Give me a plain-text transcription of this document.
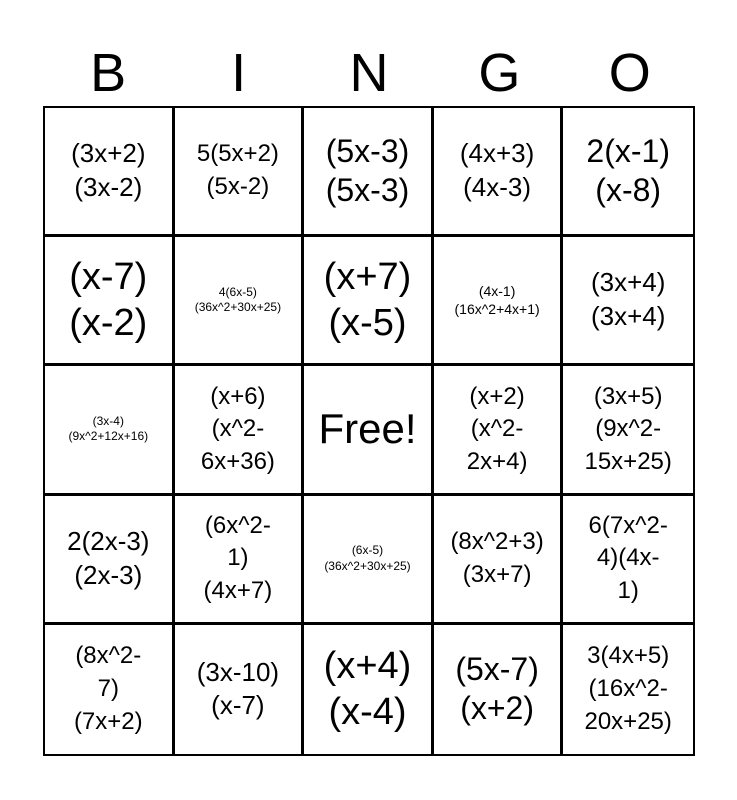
B	I	N	G	O
(3x+2)
(3x-2)
5(5x+2)
(5x-2)
(5x-3)
(5x-3)
(4x+3)
(4x-3)
2(x-1)
(x-8)
(x-7)
(x-2)
4(6x-5)
(36x^2+30x+25)
(x+7)
(x-5)
(4x-1)
(16x^2+4x+1)
(3x+4)
(3x+4)
(3x-4)
(9x^2+12x+16)
(x+6)
(x^2-
6x+36)
Free!
(x+2)
(x^2-
2x+4)
(3x+5)
(9x^2-
15x+25)
2(2x-3)
(2x-3)
(6x^2-
1)
(4x+7)
(6x-5)
(36x^2+30x+25)
(8x^2+3)
(3x+7)
6(7x^2-
4)(4x-
1)
(8x^2-
7)
(7x+2)
(3x-10)
(x-7)
(x+4)
(x-4)
(5x-7)
(x+2)
3(4x+5)
(16x^2-
20x+25)
